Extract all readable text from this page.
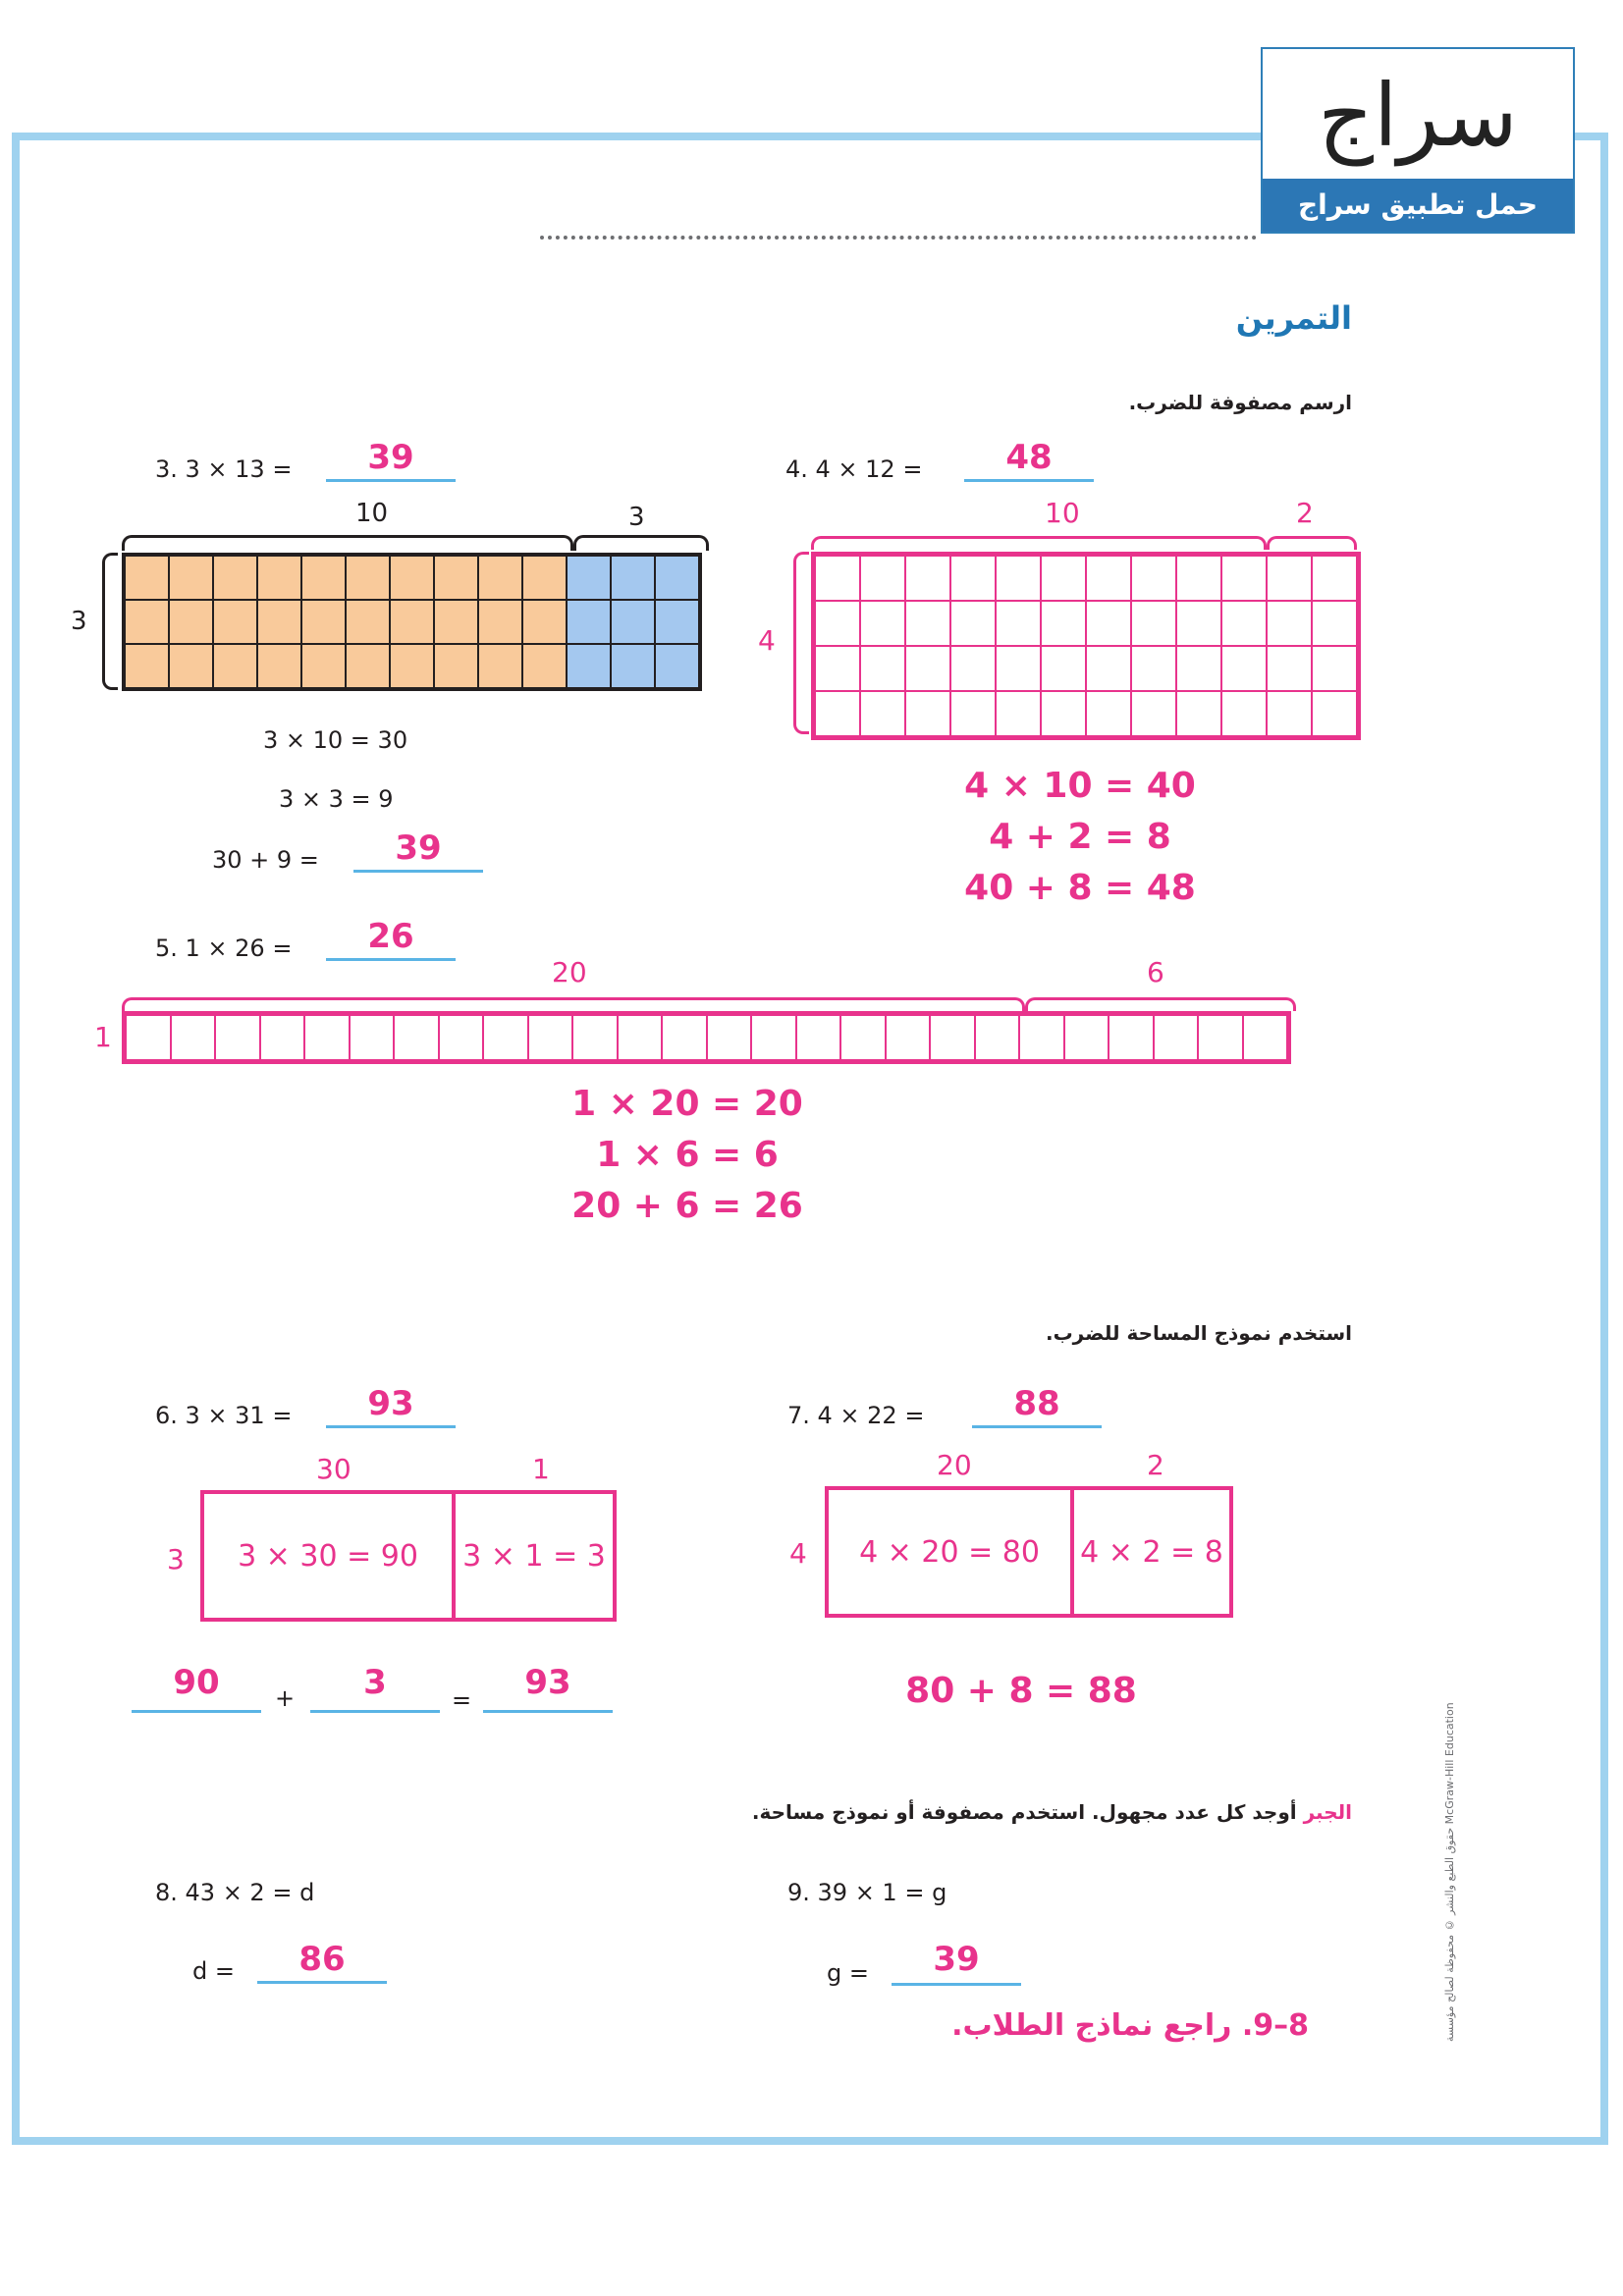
سراج
حمل تطبيق سراج
التمرين
ارسم مصفوفة للضرب.
3. 3 × 13 =	39
10	3
3
3 × 10 = 30
3 × 3 = 9
30 + 9 =	39
4. 4 × 12 =	48
10	2
4
4 × 10 = 40
4 + 2 = 8
40 + 8 = 48
5. 1 × 26 =	26
20	6
1
1 × 20 = 20
1 × 6 = 6
20 + 6 = 26
استخدم نموذج المساحة للضرب.
6. 3 × 31 =	93
30	1
3	3 × 30 = 90	3 × 1 = 3
90	+	3	=	93
7. 4 × 22 =	88
20	2
4	4 × 20 = 80	4 × 2 = 8
80 + 8 = 88
الجبر أوجد كل عدد مجهول. استخدم مصفوفة أو نموذج مساحة.
8. 43 × 2 = d
d =	86
9. 39 × 1 = g
g =	39
8–9. راجع نماذج الطلاب.	حقوق الطبع والنشر © محفوظة لصالح مؤسسة McGraw-Hill Education
